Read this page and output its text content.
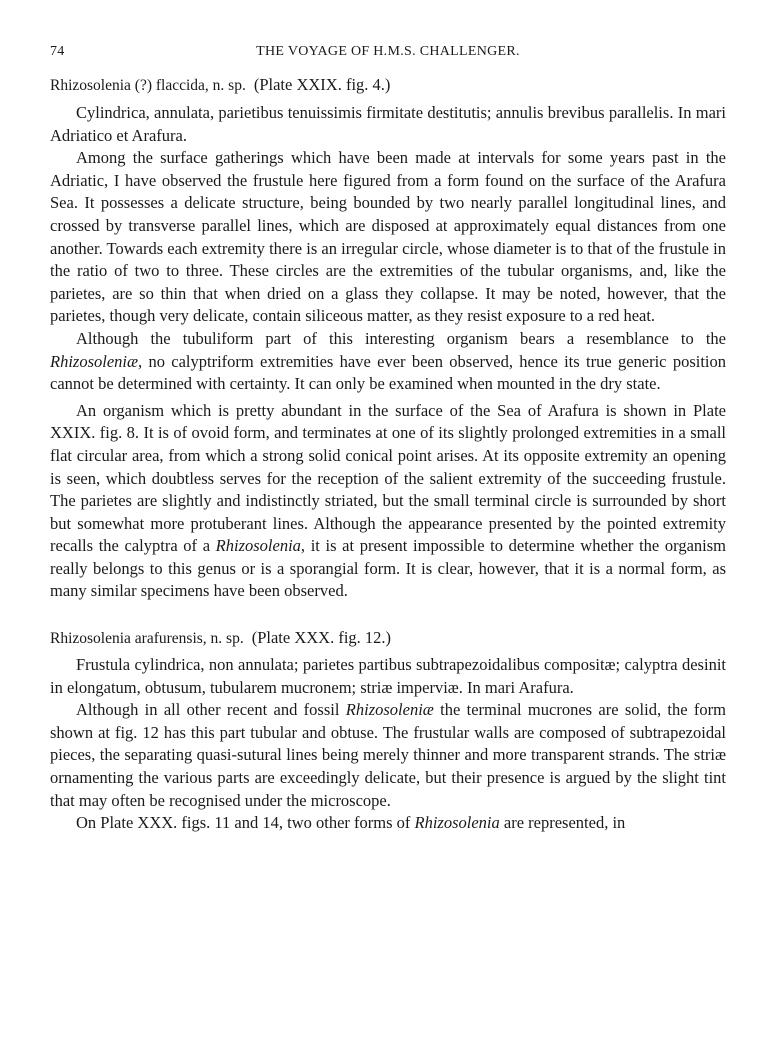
74	THE VOYAGE OF H.M.S. CHALLENGER.
Rhizosolenia (?) flaccida, n. sp. (Plate XXIX. fig. 4.)

Cylindrica, annulata, parietibus tenuissimis firmitate destitutis; annulis brevibus parallelis. In mari Adriatico et Arafura.

Among the surface gatherings which have been made at intervals for some years past in the Adriatic, I have observed the frustule here figured from a form found on the surface of the Arafura Sea. It possesses a delicate structure, being bounded by two nearly parallel longitudinal lines, and crossed by transverse parallel lines, which are disposed at approximately equal distances from one another. Towards each extremity there is an irregular circle, whose diameter is to that of the frustule in the ratio of two to three. These circles are the extremities of the tubular organisms, and, like the parietes, are so thin that when dried on a glass they collapse. It may be noted, however, that the parietes, though very delicate, contain siliceous matter, as they resist exposure to a red heat.

Although the tubuliform part of this interesting organism bears a resemblance to the Rhizosoleniæ, no calyptriform extremities have ever been observed, hence its true generic position cannot be determined with certainty. It can only be examined when mounted in the dry state.

An organism which is pretty abundant in the surface of the Sea of Arafura is shown in Plate XXIX. fig. 8. It is of ovoid form, and terminates at one of its slightly prolonged extremities in a small flat circular area, from which a strong solid conical point arises. At its opposite extremity an opening is seen, which doubtless serves for the reception of the salient extremity of the succeeding frustule. The parietes are slightly and indistinctly striated, but the small terminal circle is surrounded by short but somewhat more protuberant lines. Although the appearance presented by the pointed extremity recalls the calyptra of a Rhizosolenia, it is at present impossible to determine whether the organism really belongs to this genus or is a sporangial form. It is clear, however, that it is a normal form, as many similar specimens have been observed.

Rhizosolenia arafurensis, n. sp. (Plate XXX. fig. 12.)

Frustula cylindrica, non annulata; parietes partibus subtrapezoidalibus compositæ; calyptra desinit in elongatum, obtusum, tubularem mucronem; striæ imperviæ. In mari Arafura.

Although in all other recent and fossil Rhizosoleniæ the terminal mucrones are solid, the form shown at fig. 12 has this part tubular and obtuse. The frustular walls are composed of subtrapezoidal pieces, the separating quasi-sutural lines being merely thinner and more transparent strands. The striæ ornamenting the various parts are exceedingly delicate, but their presence is argued by the slight tint that may often be recognised under the microscope.

On Plate XXX. figs. 11 and 14, two other forms of Rhizosolenia are represented, in
